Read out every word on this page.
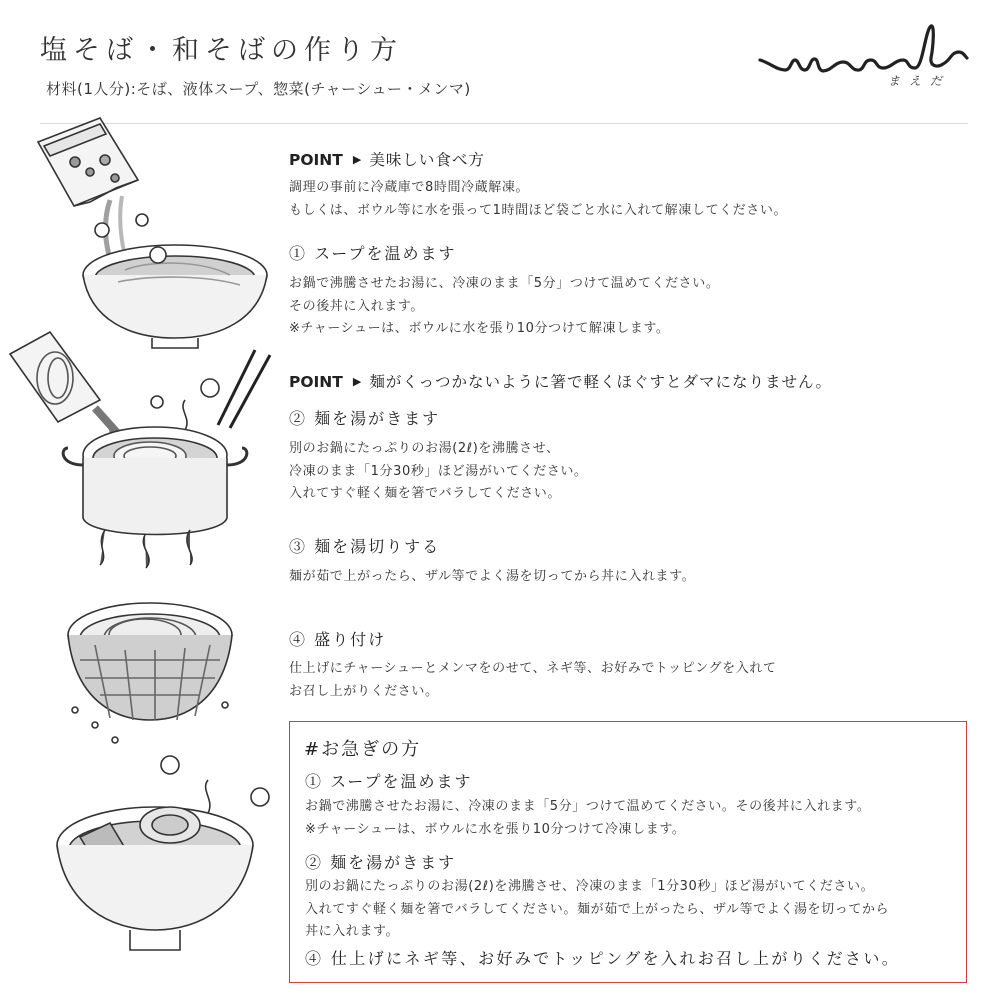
塩そば・和そばの作り方
材料(1人分):そば、液体スープ、惣菜(チャーシュー・メンマ)	まえだ
POINT ▶ 美味しい食べ方
調理の事前に冷蔵庫で8時間冷蔵解凍。
もしくは、ボウル等に水を張って1時間ほど袋ごと水に入れて解凍してください。
① スープを温めます
お鍋で沸騰させたお湯に、冷凍のまま「5分」つけて温めてください。
その後丼に入れます。
※チャーシューは、ボウルに水を張り10分つけて解凍します。
POINT ▶ 麺がくっつかないように箸で軽くほぐすとダマになりません。
② 麺を湯がきます
別のお鍋にたっぷりのお湯(2ℓ)を沸騰させ、
冷凍のまま「1分30秒」ほど湯がいてください。
入れてすぐ軽く麺を箸でバラしてください。
③ 麺を湯切りする
麺が茹で上がったら、ザル等でよく湯を切ってから丼に入れます。
④ 盛り付け
仕上げにチャーシューとメンマをのせて、ネギ等、お好みでトッピングを入れて
お召し上がりください。
#お急ぎの方
① スープを温めます
お鍋で沸騰させたお湯に、冷凍のまま「5分」つけて温めてください。その後丼に入れます。
※チャーシューは、ボウルに水を張り10分つけて冷凍します。
② 麺を湯がきます
別のお鍋にたっぷりのお湯(2ℓ)を沸騰させ、冷凍のまま「1分30秒」ほど湯がいてください。
入れてすぐ軽く麺を箸でバラしてください。麺が茹で上がったら、ザル等でよく湯を切ってから
丼に入れます。
④ 仕上げにネギ等、お好みでトッピングを入れお召し上がりください。
